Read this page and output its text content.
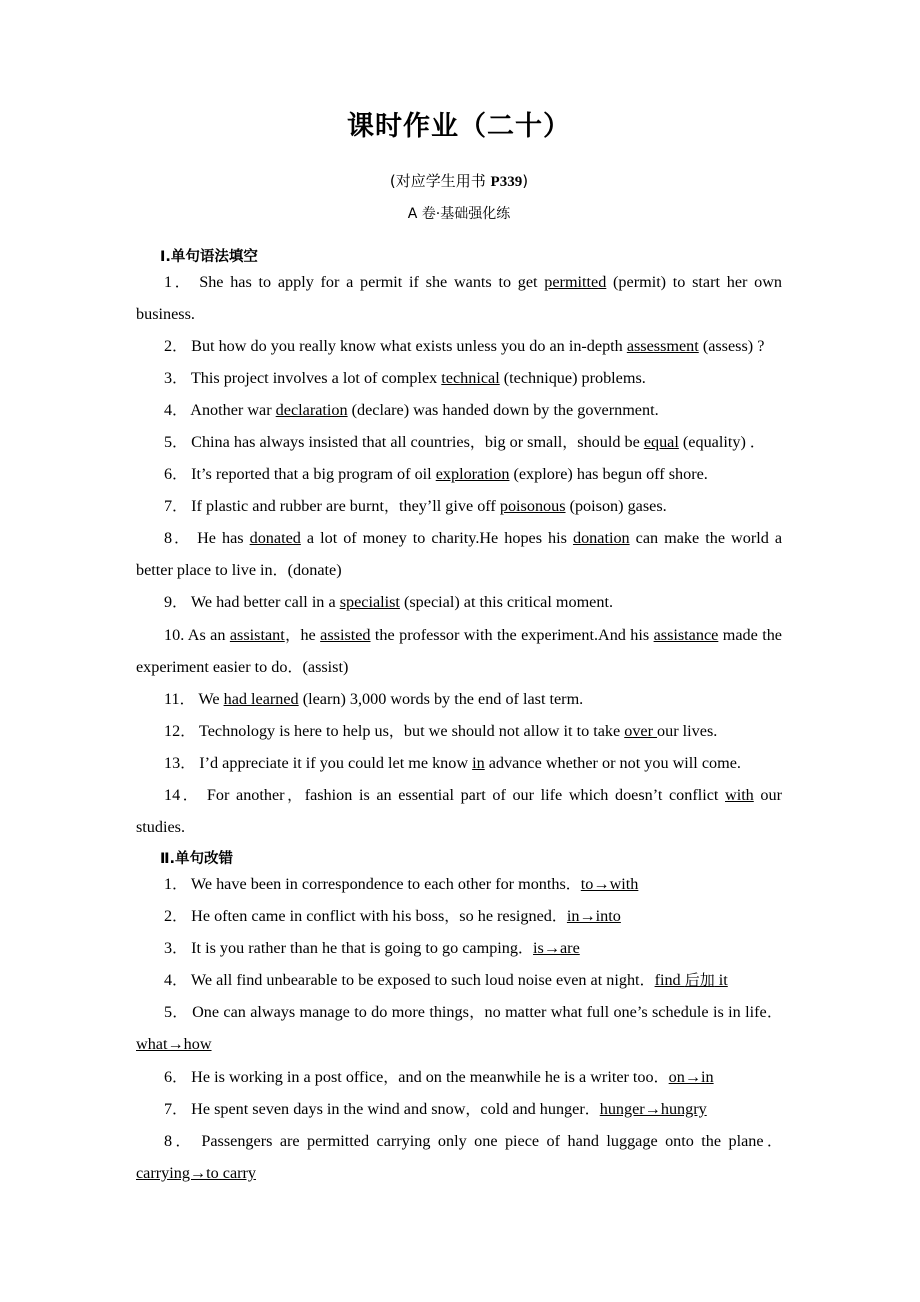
课时作业（二十）

(对应学生用书 P339)

A 卷·基础强化练

Ⅰ.单句语法填空

1． She has to apply for a permit if she wants to get permitted (permit) to start her own business.

2． But how do you really know what exists unless you do an in-depth assessment (assess) ?

3． This project involves a lot of complex technical (technique) problems.

4． Another war declaration (declare) was handed down by the government.

5． China has always insisted that all countries，big or small，should be equal (equality) ．

6． It’s reported that a big program of oil exploration (explore) has begun off shore.

7． If plastic and rubber are burnt，they’ll give off poisonous (poison) gases.

8． He has donated a lot of money to charity.He hopes his donation can make the world a better place to live in．(donate)

9． We had better call in a specialist (special) at this critical moment.

10. As an assistant，he assisted the professor with the experiment.And his assistance made the experiment easier to do．(assist)

11． We had learned (learn) 3,000 words by the end of last term.

12． Technology is here to help us，but we should not allow it to take over our lives.

13． I’d appreciate it if you could let me know in advance whether or not you will come.

14． For another，fashion is an essential part of our life which doesn’t conflict with our studies.

Ⅱ.单句改错

1． We have been in correspondence to each other for months．to→with

2． He often came in conflict with his boss，so he resigned．in→into

3． It is you rather than he that is going to go camping．is→are

4． We all find unbearable to be exposed to such loud noise even at night．find 后加 it

5． One can always manage to do more things，no matter what full one’s schedule is in life．what→how

6． He is working in a post office，and on the meanwhile he is a writer too．on→in

7． He spent seven days in the wind and snow，cold and hunger．hunger→hungry

8． Passengers are permitted carrying only one piece of hand luggage onto the plane．carrying→to carry
